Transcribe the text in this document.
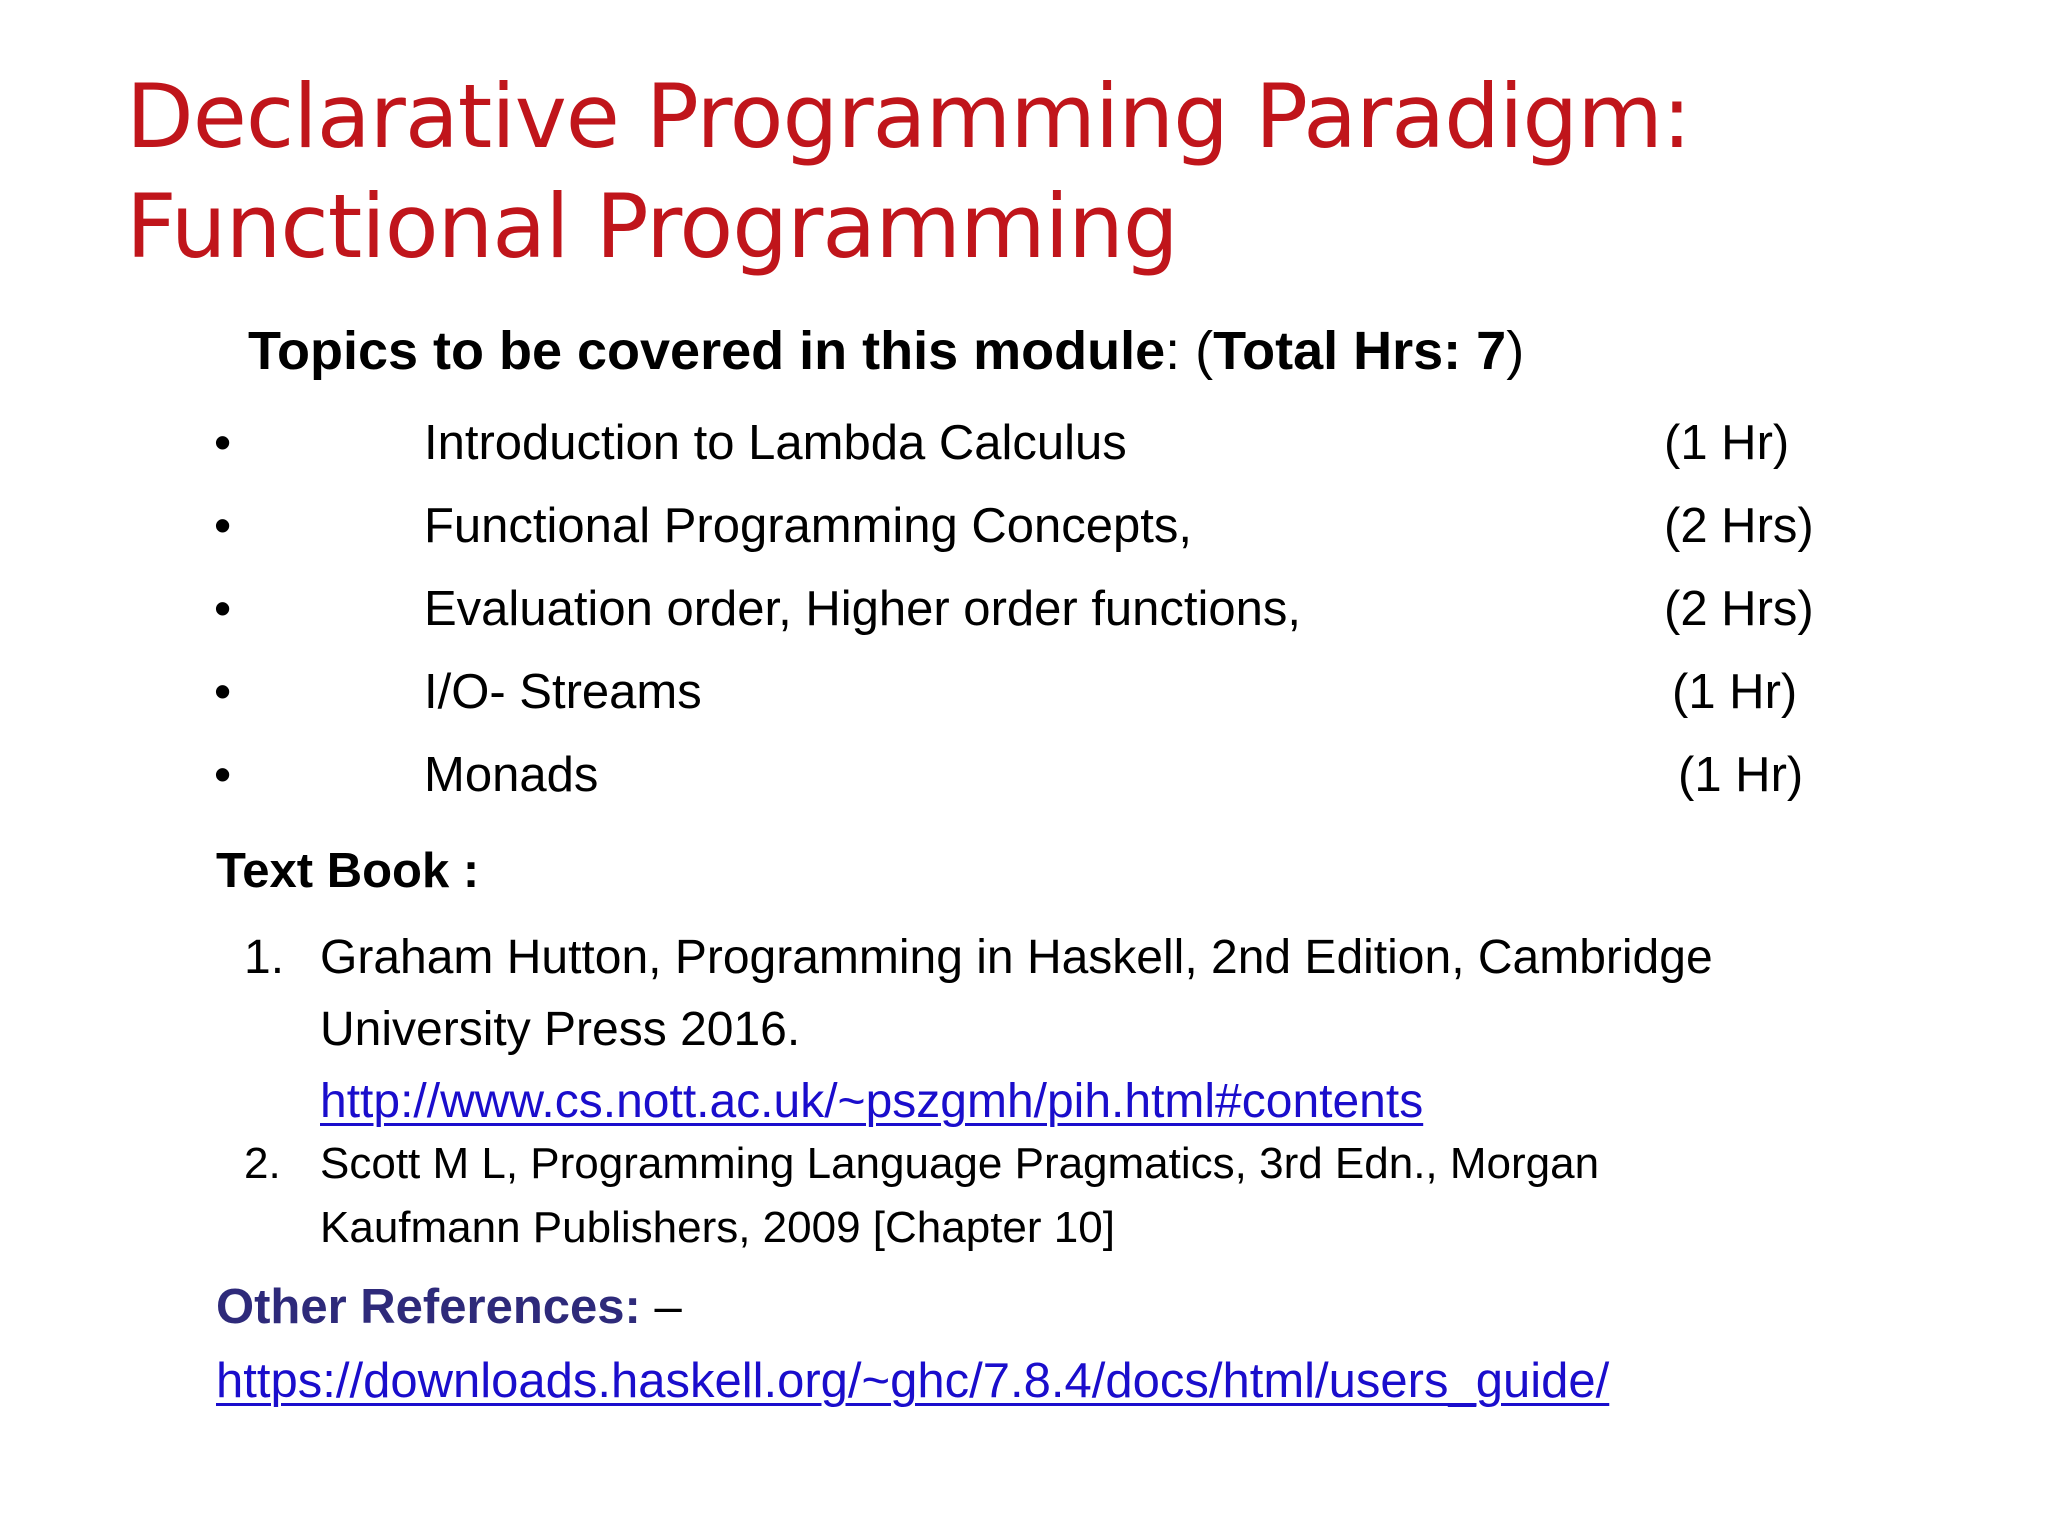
Declarative Programming Paradigm:
Functional Programming
Topics to be covered in this module: (Total Hrs: 7)
•	Introduction to Lambda Calculus	(1 Hr)
•	Functional Programming Concepts,	(2 Hrs)
•	Evaluation order, Higher order functions,	(2 Hrs)
•	I/O- Streams	(1 Hr)
•	Monads	(1 Hr)
Text Book :
1. Graham Hutton, Programming in Haskell, 2nd Edition, Cambridge
University Press 2016.
http://www.cs.nott.ac.uk/~pszgmh/pih.html#contents
2. Scott M L, Programming Language Pragmatics, 3rd Edn., Morgan
Kaufmann Publishers, 2009 [Chapter 10]
Other References: –
https://downloads.haskell.org/~ghc/7.8.4/docs/html/users_guide/
